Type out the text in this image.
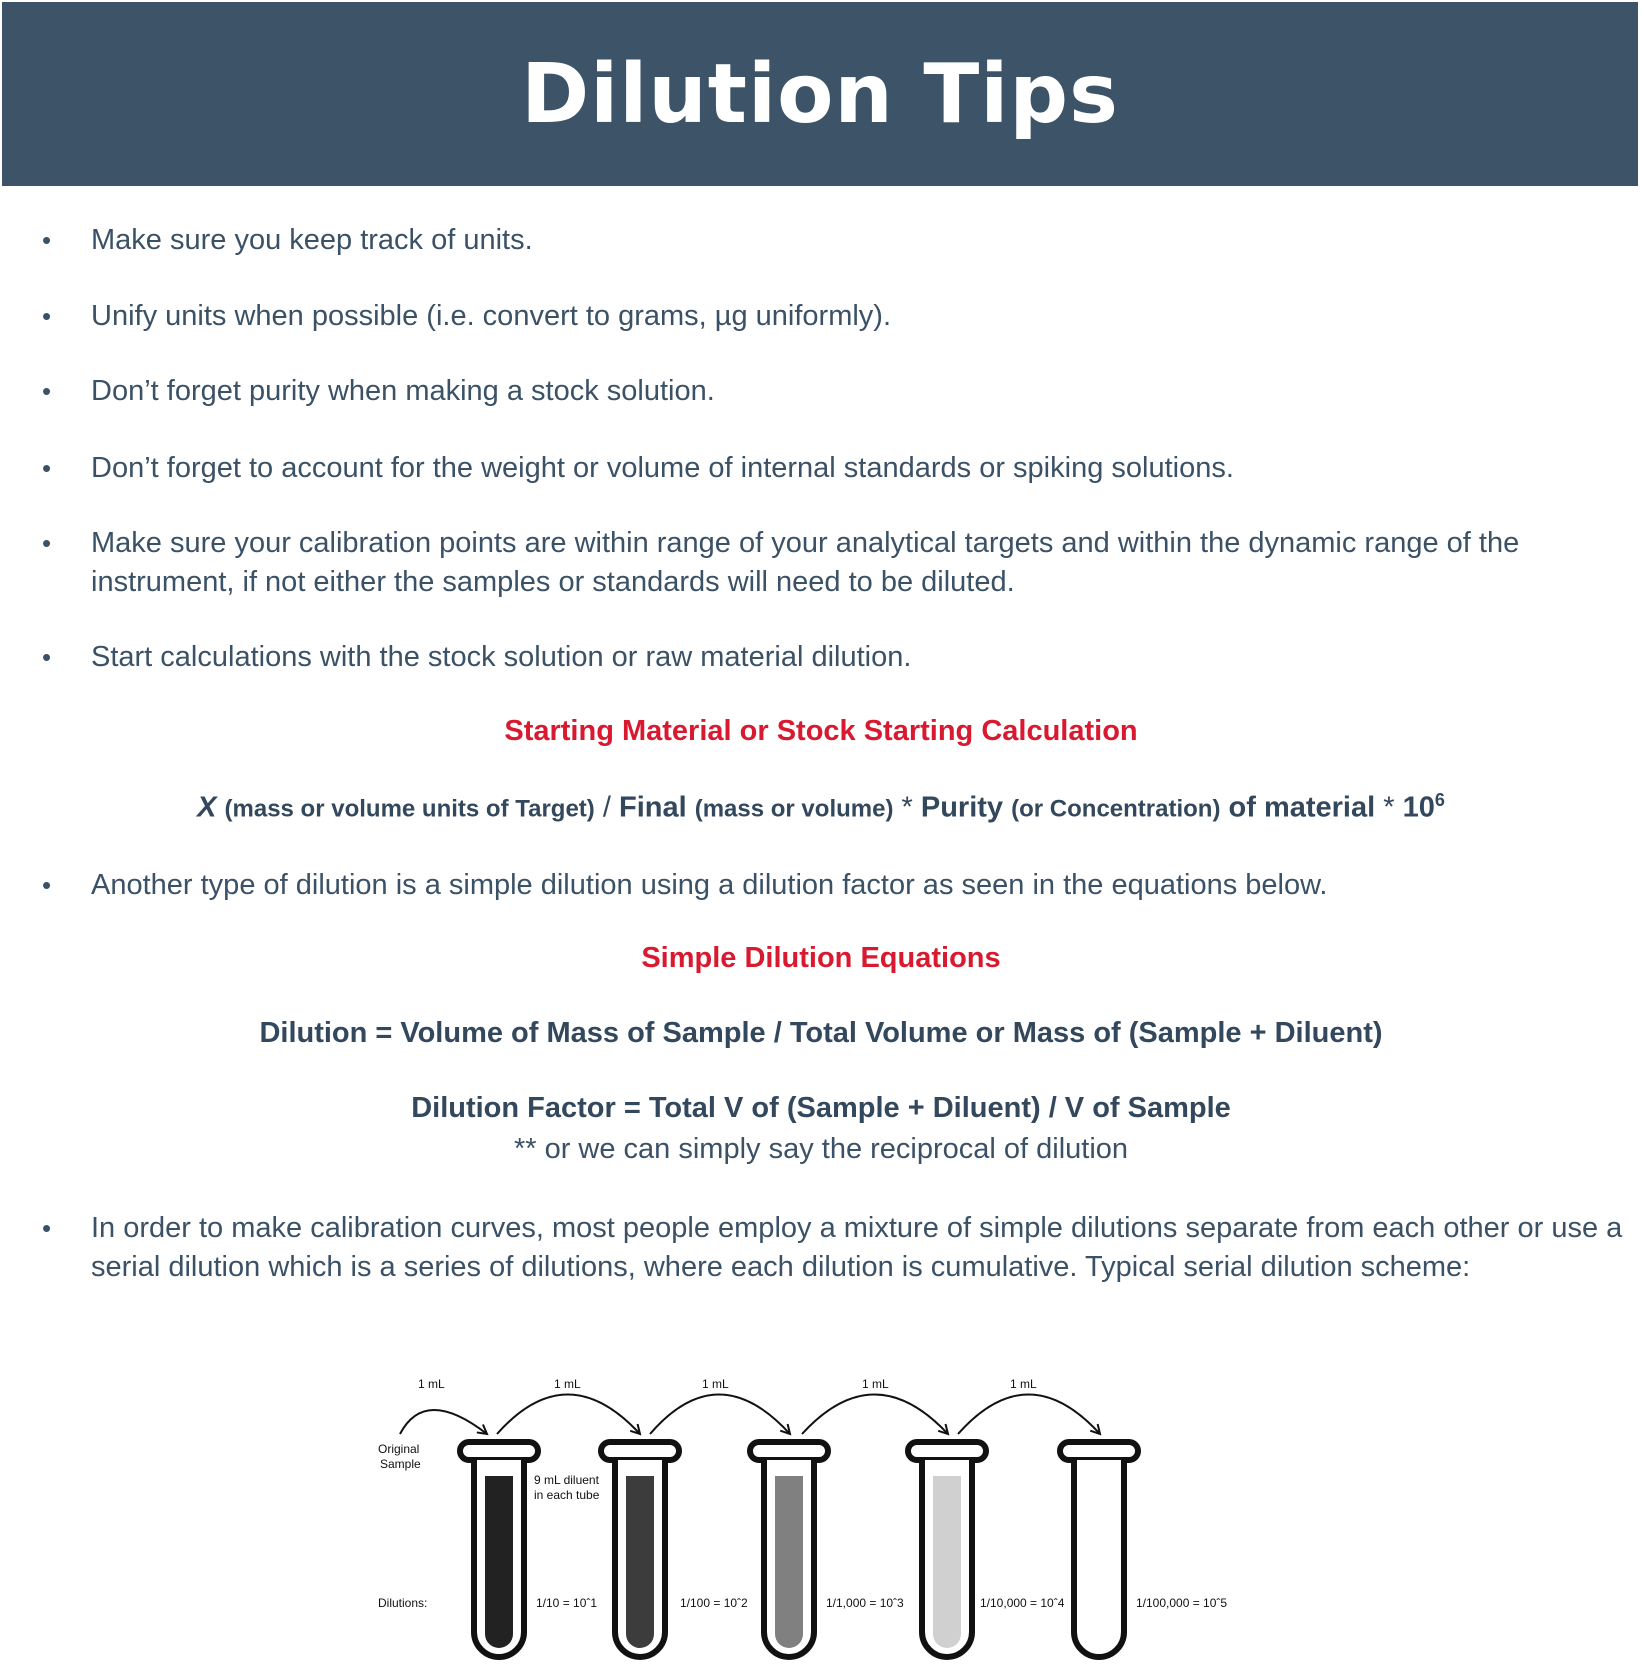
Dilution Tips
•	Make sure you keep track of units.
•	Unify units when possible (i.e. convert to grams, µg uniformly).
•	Don’t forget purity when making a stock solution.
•	Don’t forget to account for the weight or volume of internal standards or spiking solutions.
•	Make sure your calibration points are within range of your analytical targets and within the dynamic range of the instrument, if not either the samples or standards will need to be diluted.
•	Start calculations with the stock solution or raw material dilution.
Starting Material or Stock Starting Calculation
X (mass or volume units of Target) / Final (mass or volume) * Purity (or Concentration) of material * $10^6$
•	Another type of dilution is a simple dilution using a dilution factor as seen in the equations below.
Simple Dilution Equations
Dilution = Volume of Mass of Sample / Total Volume or Mass of (Sample + Diluent)
Dilution Factor = Total V of (Sample + Diluent) / V of Sample
** or we can simply say the reciprocal of dilution
•	In order to make calibration curves, most people employ a mixture of simple dilutions separate from each other or use a serial dilution which is a series of dilutions, where each dilution is cumulative. Typical serial dilution scheme:
1 mL	1 mL	1 mL	1 mL	1 mL
Original
Sample
9 mL diluent
in each tube
Dilutions:	1/10 = 10ˆ1	1/100 = 10ˆ2	1/1,000 = 10ˆ3	1/10,000 = 10ˆ4	1/100,000 = 10ˆ5
